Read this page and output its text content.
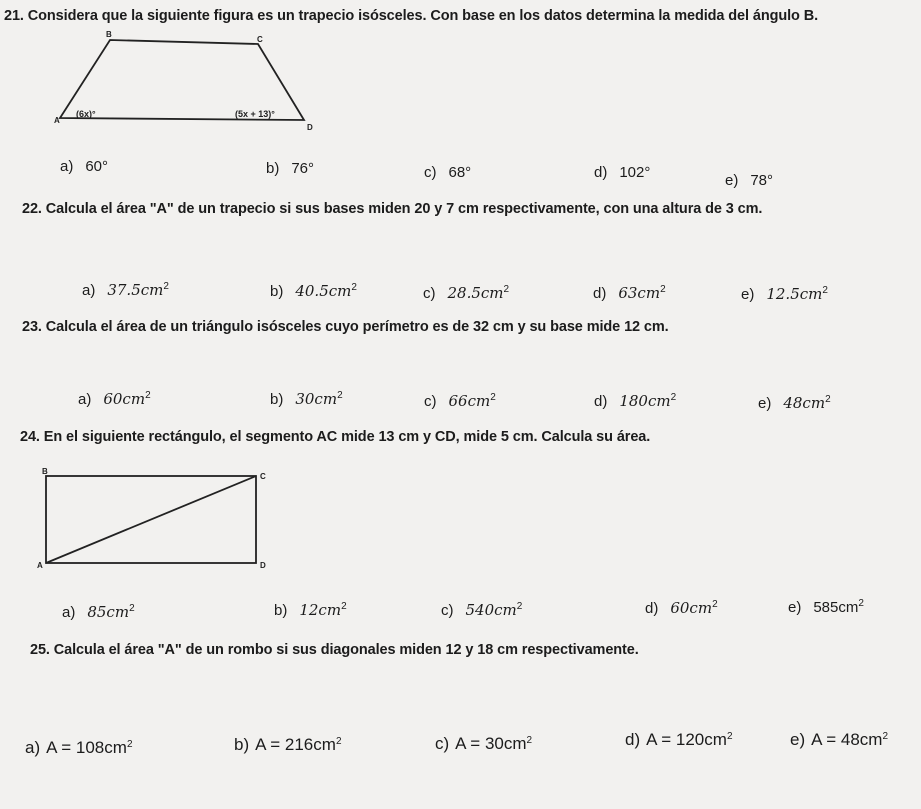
21. Considera que la siguiente figura es un trapecio isósceles. Con base en los datos determina la medida del ángulo B.
B
C
A
D
(6x)°	(5x + 13)°
a) 60°	b) 76°	c) 68°	d) 102°	e) 78°
22. Calcula el área "A" de un trapecio si sus bases miden 20 y 7 cm respectivamente, con una altura de 3 cm.
a) $37.5cm^2$	b) $40.5cm^2$	c) $28.5cm^2$	d) $63cm^2$	e) $12.5cm^2$
23. Calcula el área de un triángulo isósceles cuyo perímetro es de 32 cm y su base mide 12 cm.
a) $60cm^2$	b) $30cm^2$	c) $66cm^2$	d) $180cm^2$	e) $48cm^2$
24. En el siguiente rectángulo, el segmento AC mide 13 cm y CD, mide 5 cm. Calcula su área.
B
C
A	D
a) $85cm^2$	b) $12cm^2$	c) $540cm^2$	d) $60cm^2$	e) $585cm^2$
25. Calcula el área "A" de un rombo si sus diagonales miden 12 y 18 cm respectivamente.
a) $A = 108cm^2$	b) $A = 216cm^2$	c) $A = 30cm^2$	d) $A = 120cm^2$	e) $A = 48cm^2$
